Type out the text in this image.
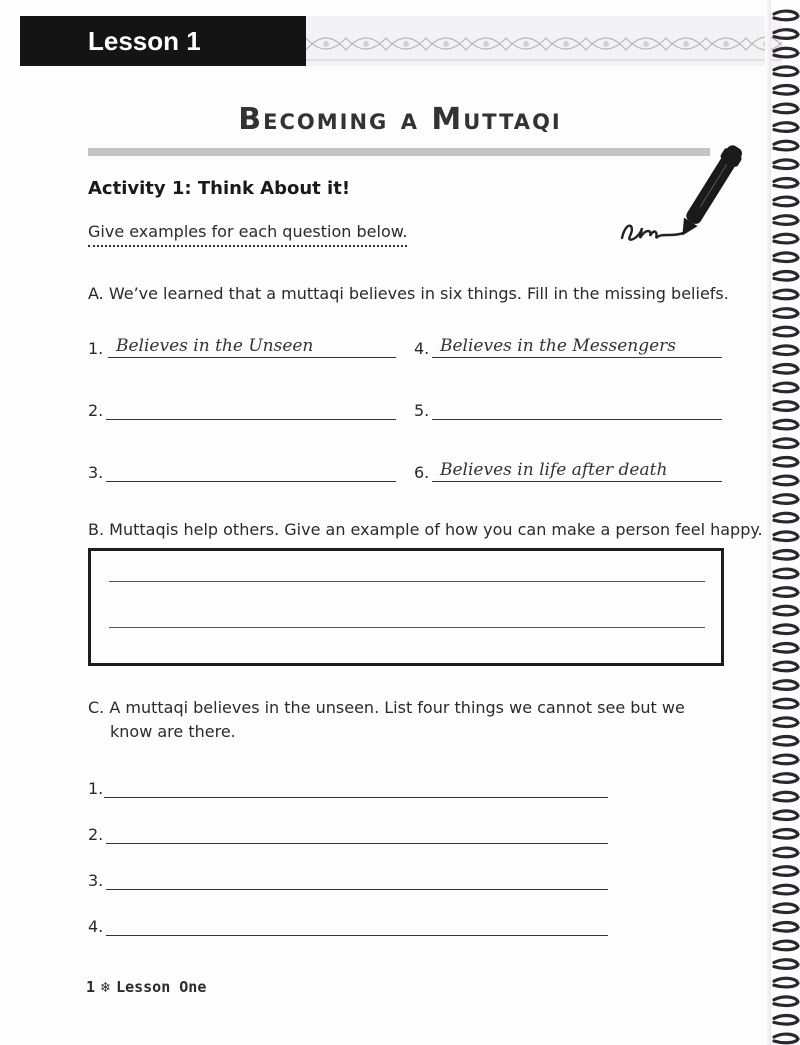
Lesson 1
Becoming a Muttaqi
Activity 1: Think About it!
Give examples for each question below.
A. We’ve learned that a muttaqi believes in six things. Fill in the missing beliefs.
1. Believes in the Unseen
2.
3.
4. Believes in the Messengers
5.
6. Believes in life after death
B. Muttaqis help others. Give an example of how you can make a person feel happy.
C. A muttaqi believes in the unseen. List four things we cannot see but we
know are there.
1.
2.
3.
4.
1 ❄ Lesson One
